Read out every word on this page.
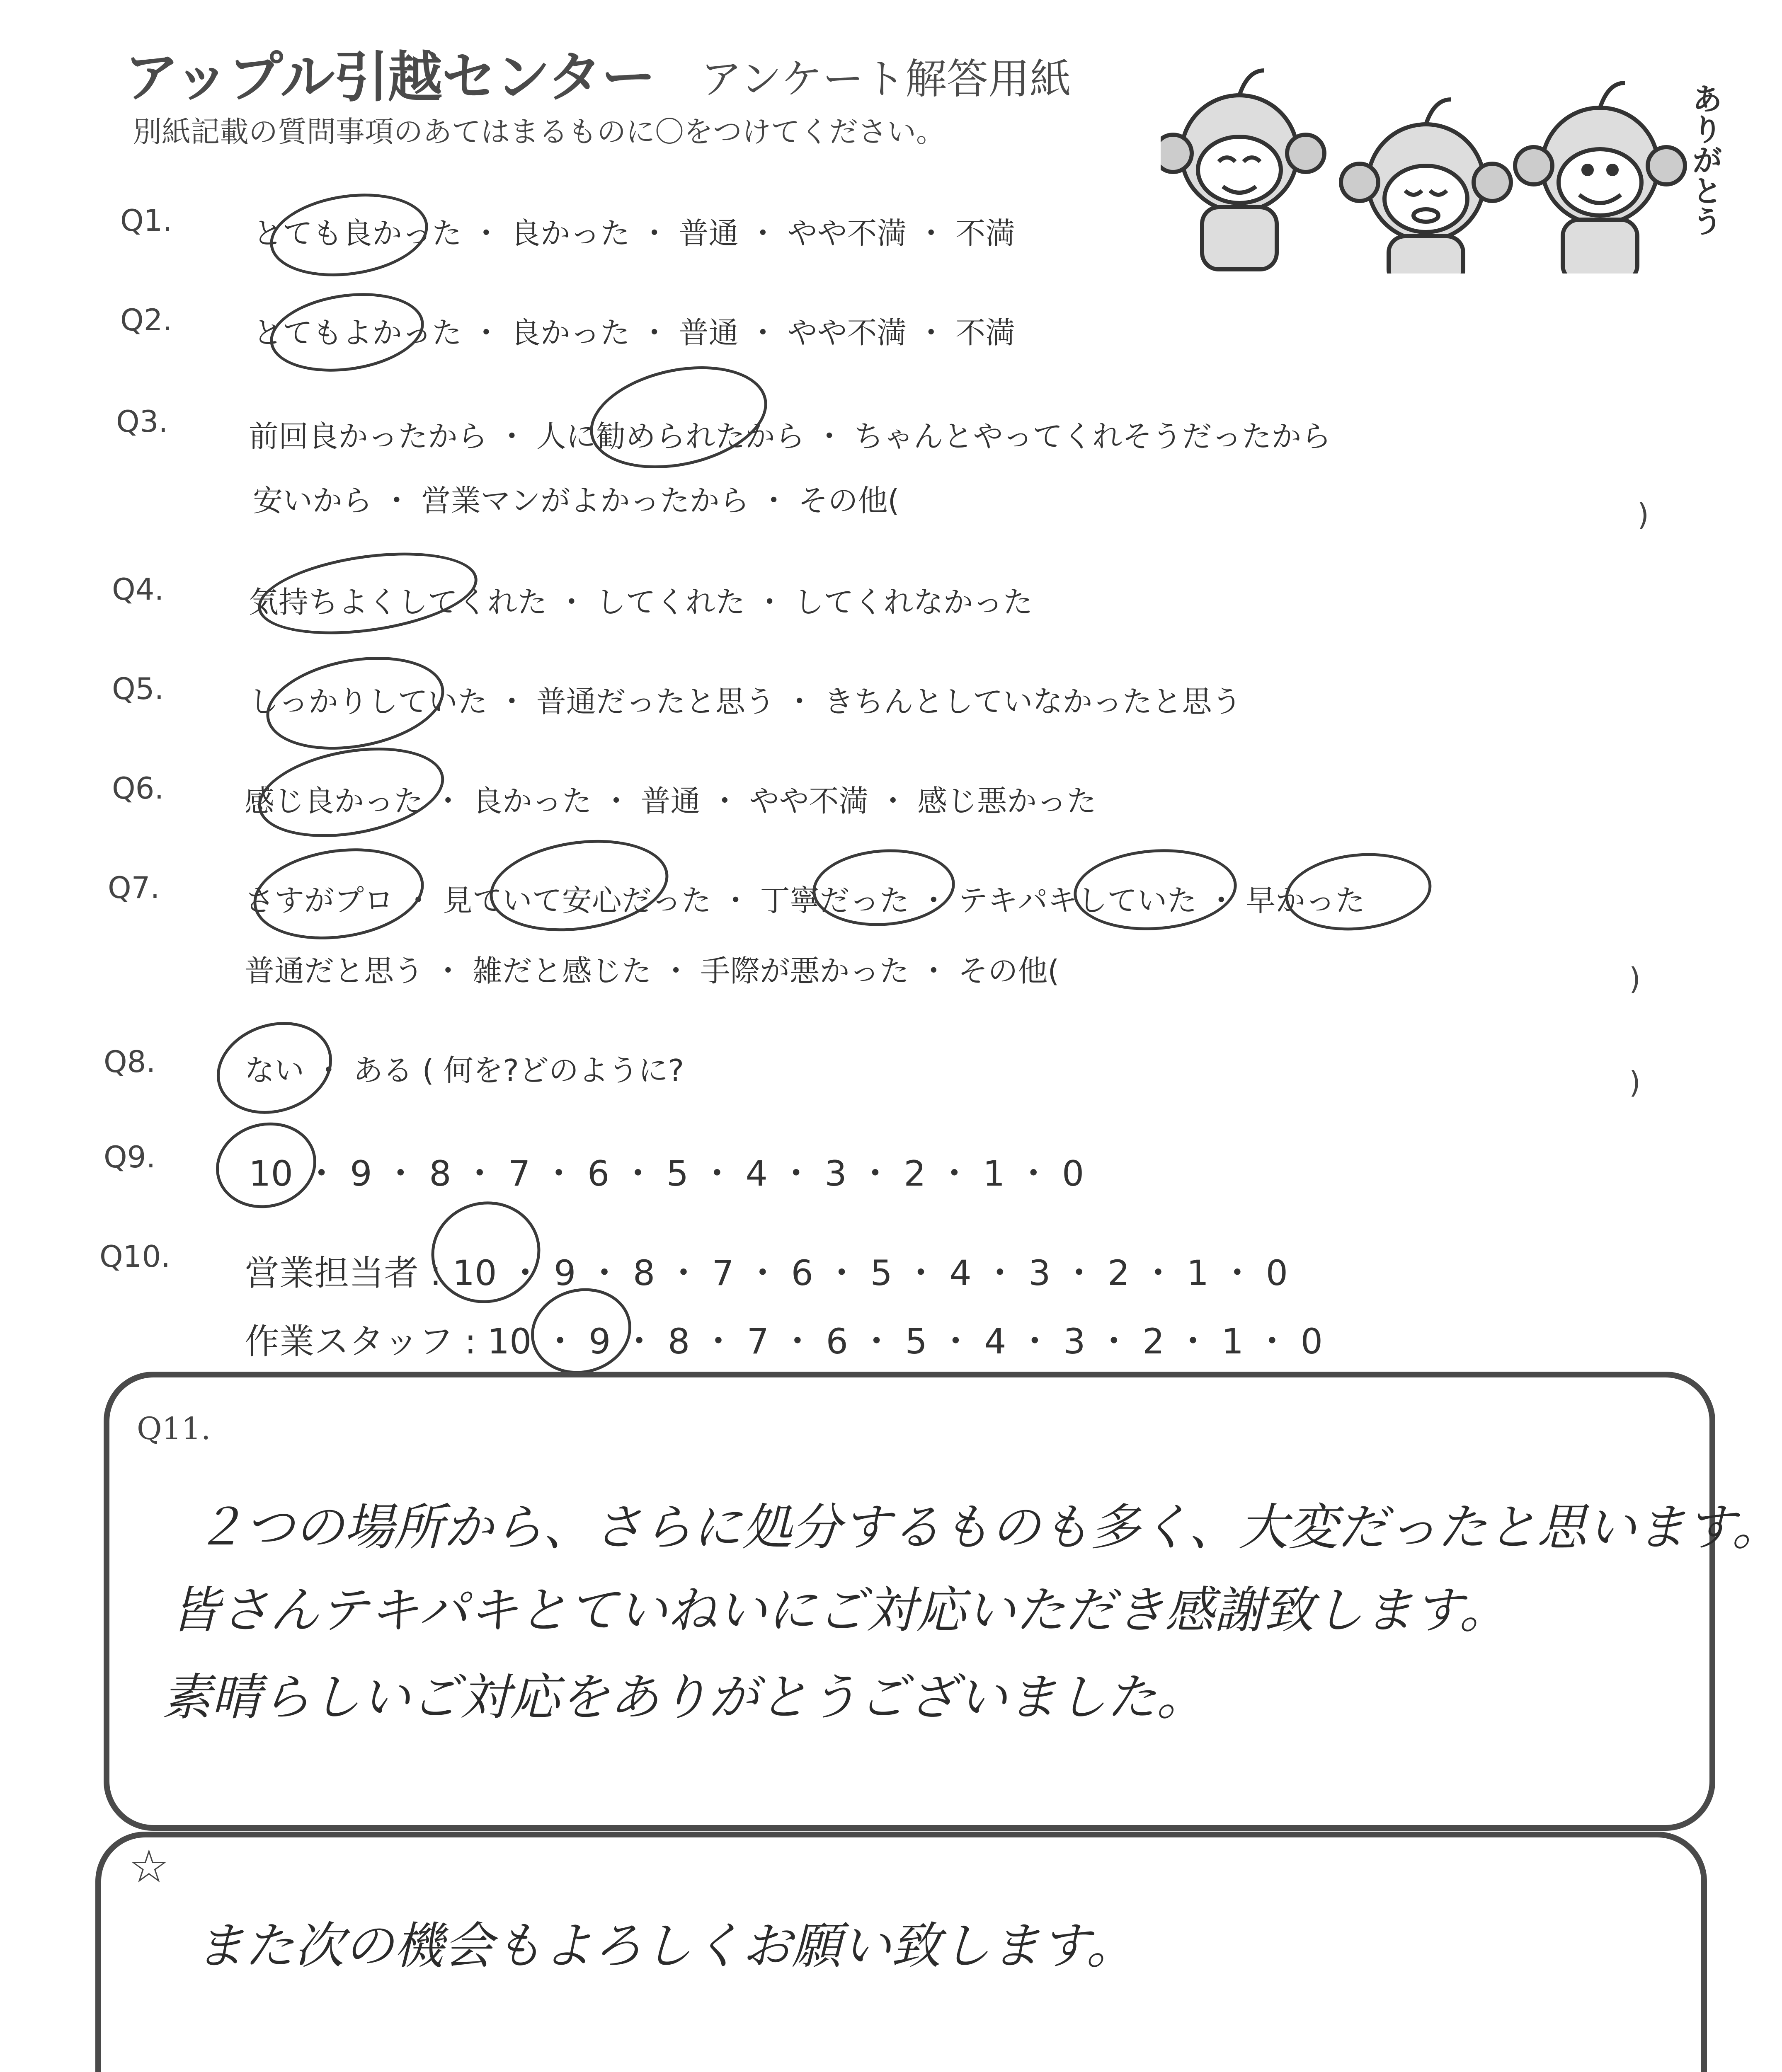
アップル引越センター アンケート解答用紙
別紙記載の質問事項のあてはまるものに〇をつけてください。	ありがとう
Q1.	とても良かった ・ 良かった ・ 普通 ・ やや不満 ・ 不満
Q2.	とてもよかった ・ 良かった ・ 普通 ・ やや不満 ・ 不満
Q3.	前回良かったから ・ 人に勧められたから ・ ちゃんとやってくれそうだったから
安いから ・ 営業マンがよかったから ・ その他(	)
Q4.	気持ちよくしてくれた ・ してくれた ・ してくれなかった
Q5.	しっかりしていた ・ 普通だったと思う ・ きちんとしていなかったと思う
Q6.	感じ良かった ・ 良かった ・ 普通 ・ やや不満 ・ 感じ悪かった
Q7.	さすがプロ ・ 見ていて安心だった ・ 丁寧だった ・ テキパキしていた ・ 早かった
普通だと思う ・ 雑だと感じた ・ 手際が悪かった ・ その他(	)
Q8.	ない ・ ある ( 何を?どのように?	)
Q9.	10 ・ 9 ・ 8 ・ 7 ・ 6 ・ 5 ・ 4 ・ 3 ・ 2 ・ 1 ・ 0
Q10. 営業担当者 : 10 ・ 9 ・ 8 ・ 7 ・ 6 ・ 5 ・ 4 ・ 3 ・ 2 ・ 1 ・ 0
作業スタッフ : 10 ・ 9 ・ 8 ・ 7 ・ 6 ・ 5 ・ 4 ・ 3 ・ 2 ・ 1 ・ 0
Q11.
２つの場所から、さらに処分するものも多く、大変だったと思います。
皆さんテキパキとていねいにご対応いただき感謝致します。
素晴らしいご対応をありがとうございました。
☆
また次の機会もよろしくお願い致します。
